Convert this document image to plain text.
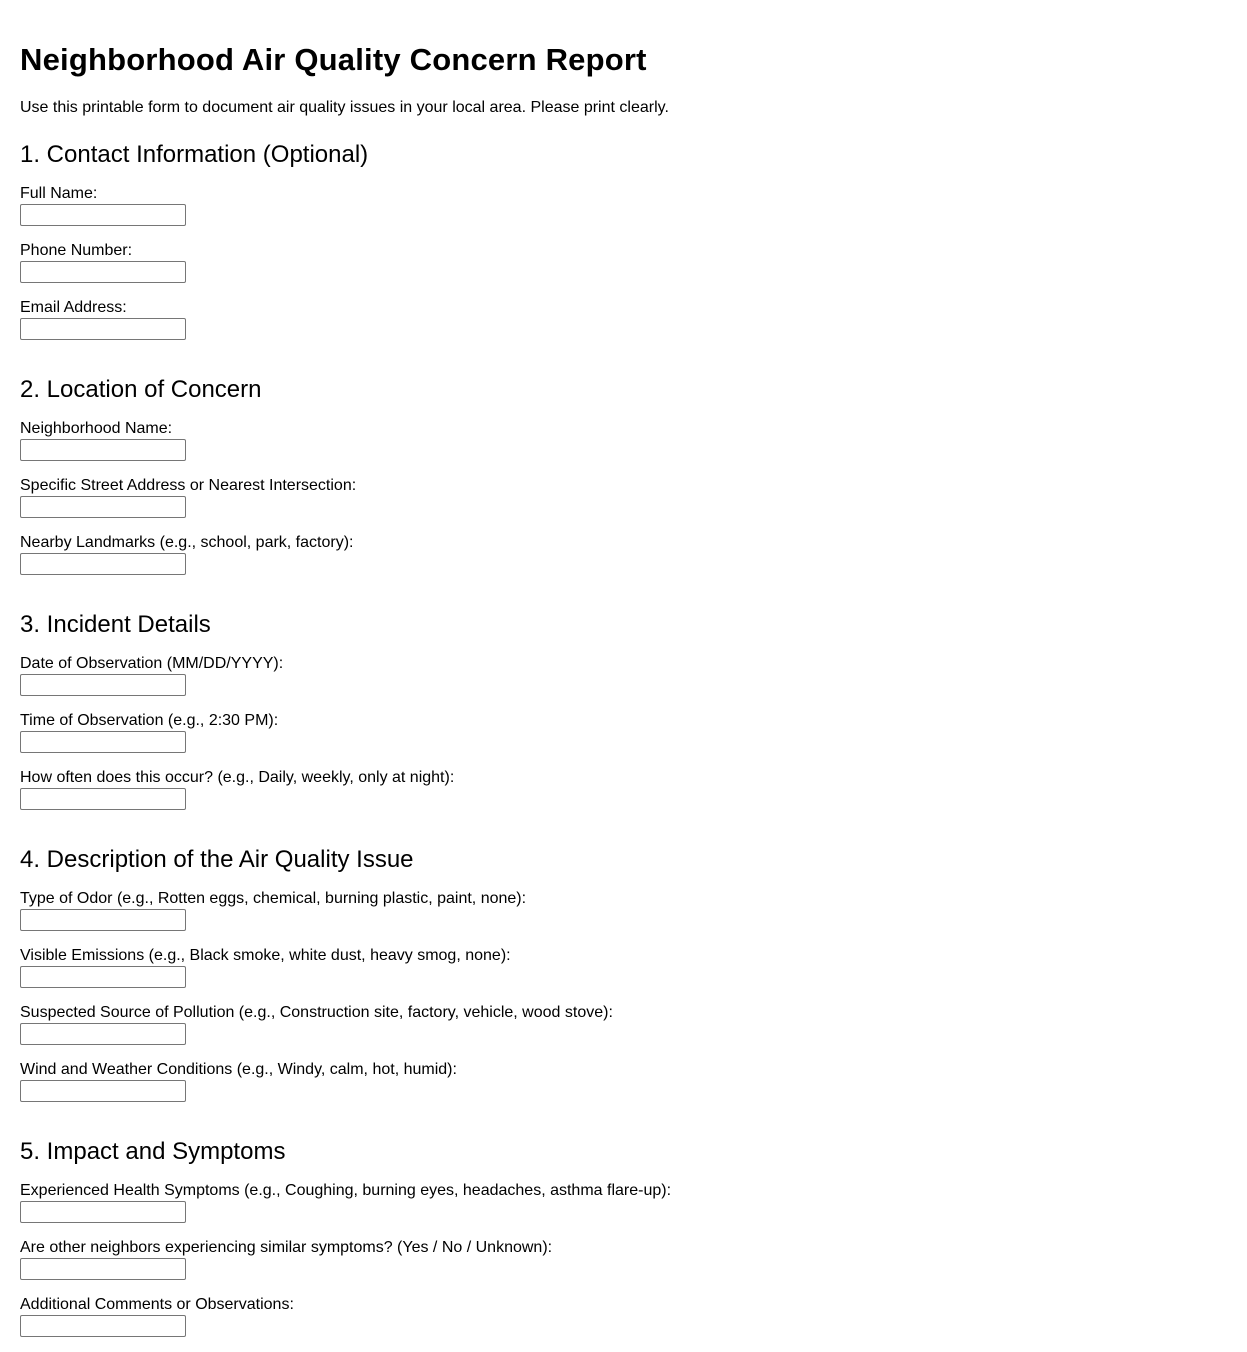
Neighborhood Air Quality Concern Report

Use this printable form to document air quality issues in your local area. Please print clearly.

1. Contact Information (Optional)
Full Name:
Phone Number:
Email Address:
2. Location of Concern
Neighborhood Name:
Specific Street Address or Nearest Intersection:
Nearby Landmarks (e.g., school, park, factory):
3. Incident Details
Date of Observation (MM/DD/YYYY):
Time of Observation (e.g., 2:30 PM):
How often does this occur? (e.g., Daily, weekly, only at night):
4. Description of the Air Quality Issue
Type of Odor (e.g., Rotten eggs, chemical, burning plastic, paint, none):
Visible Emissions (e.g., Black smoke, white dust, heavy smog, none):
Suspected Source of Pollution (e.g., Construction site, factory, vehicle, wood stove):
Wind and Weather Conditions (e.g., Windy, calm, hot, humid):
5. Impact and Symptoms
Experienced Health Symptoms (e.g., Coughing, burning eyes, headaches, asthma flare-up):
Are other neighbors experiencing similar symptoms? (Yes / No / Unknown):
Additional Comments or Observations:
